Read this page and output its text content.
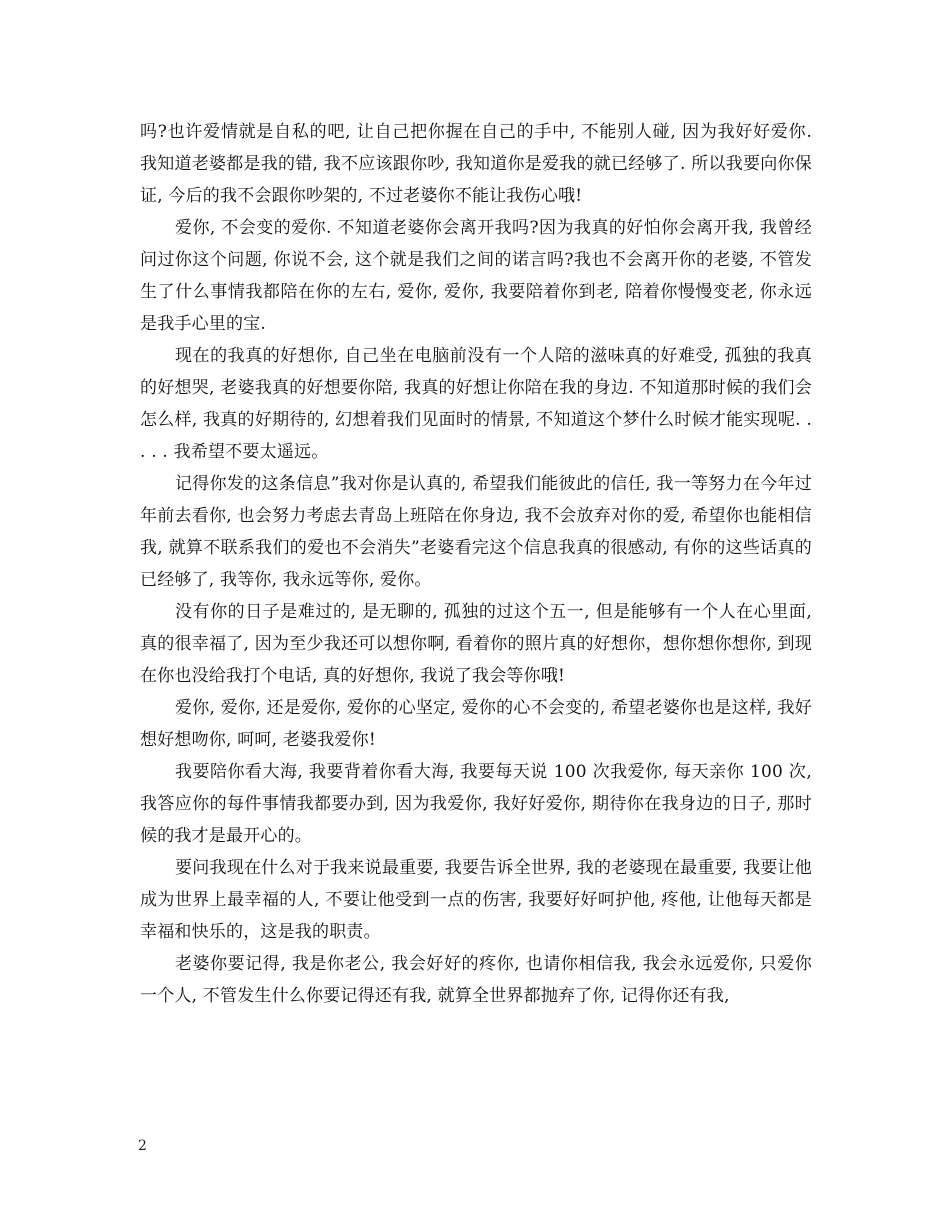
吗?也许爱情就是自私的吧, 让自己把你握在自己的手中, 不能别人碰, 因为我好好爱你. 我知道老婆都是我的错, 我不应该跟你吵, 我知道你是爱我的就已经够了. 所以我要向你保证, 今后的我不会跟你吵架的, 不过老婆你不能让我伤心哦!

爱你, 不会变的爱你. 不知道老婆你会离开我吗?因为我真的好怕你会离开我, 我曾经问过你这个问题, 你说不会, 这个就是我们之间的诺言吗?我也不会离开你的老婆, 不管发生了什么事情我都陪在你的左右, 爱你, 爱你, 我要陪着你到老, 陪着你慢慢变老, 你永远是我手心里的宝.

现在的我真的好想你, 自己坐在电脑前没有一个人陪的滋味真的好难受, 孤独的我真的好想哭, 老婆我真的好想要你陪, 我真的好想让你陪在我的身边. 不知道那时候的我们会怎么样, 我真的好期待的, 幻想着我们见面时的情景, 不知道这个梦什么时候才能实现呢. . . . . 我希望不要太遥远。

记得你发的这条信息”我对你是认真的, 希望我们能彼此的信任, 我一等努力在今年过年前去看你, 也会努力考虑去青岛上班陪在你身边, 我不会放弃对你的爱, 希望你也能相信我, 就算不联系我们的爱也不会消失”老婆看完这个信息我真的很感动, 有你的这些话真的已经够了, 我等你, 我永远等你, 爱你。

没有你的日子是难过的, 是无聊的, 孤独的过这个五一, 但是能够有一个人在心里面, 真的很幸福了, 因为至少我还可以想你啊, 看着你的照片真的好想你，想你想你想你, 到现在你也没给我打个电话, 真的好想你, 我说了我会等你哦!

爱你, 爱你, 还是爱你, 爱你的心坚定, 爱你的心不会变的, 希望老婆你也是这样, 我好想好想吻你, 呵呵, 老婆我爱你!

我要陪你看大海, 我要背着你看大海, 我要每天说 100 次我爱你, 每天亲你 100 次, 我答应你的每件事情我都要办到, 因为我爱你, 我好好爱你, 期待你在我身边的日子, 那时候的我才是最开心的。

要问我现在什么对于我来说最重要, 我要告诉全世界, 我的老婆现在最重要, 我要让他成为世界上最幸福的人, 不要让他受到一点的伤害, 我要好好呵护他, 疼他, 让他每天都是幸福和快乐的，这是我的职责。

老婆你要记得, 我是你老公, 我会好好的疼你, 也请你相信我, 我会永远爱你, 只爱你一个人, 不管发生什么你要记得还有我, 就算全世界都抛弃了你, 记得你还有我,

2
